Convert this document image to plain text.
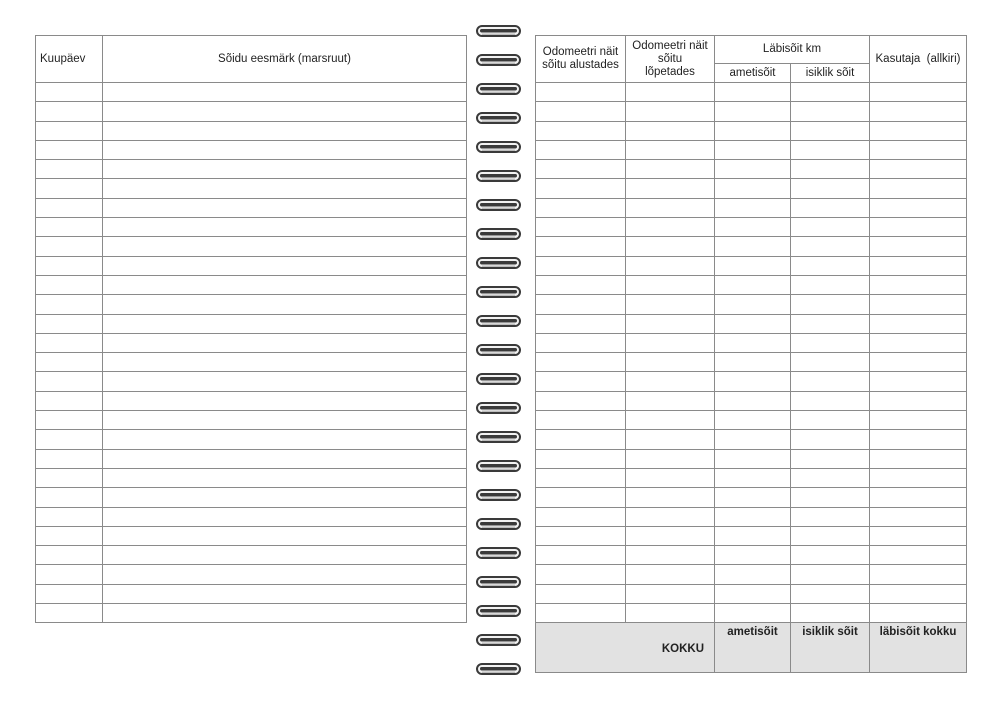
Kuupäev	Sõidu eesmärk (marsruut)

Odomeetri näit sõitu alustades	Odomeetri näit sõitu lõpetades	Läbisõit km		Kasutaja  (allkiri)
		ametisõit	isiklik sõit	

KOKKU		ametisõit	isiklik sõit	läbisõit kokku
